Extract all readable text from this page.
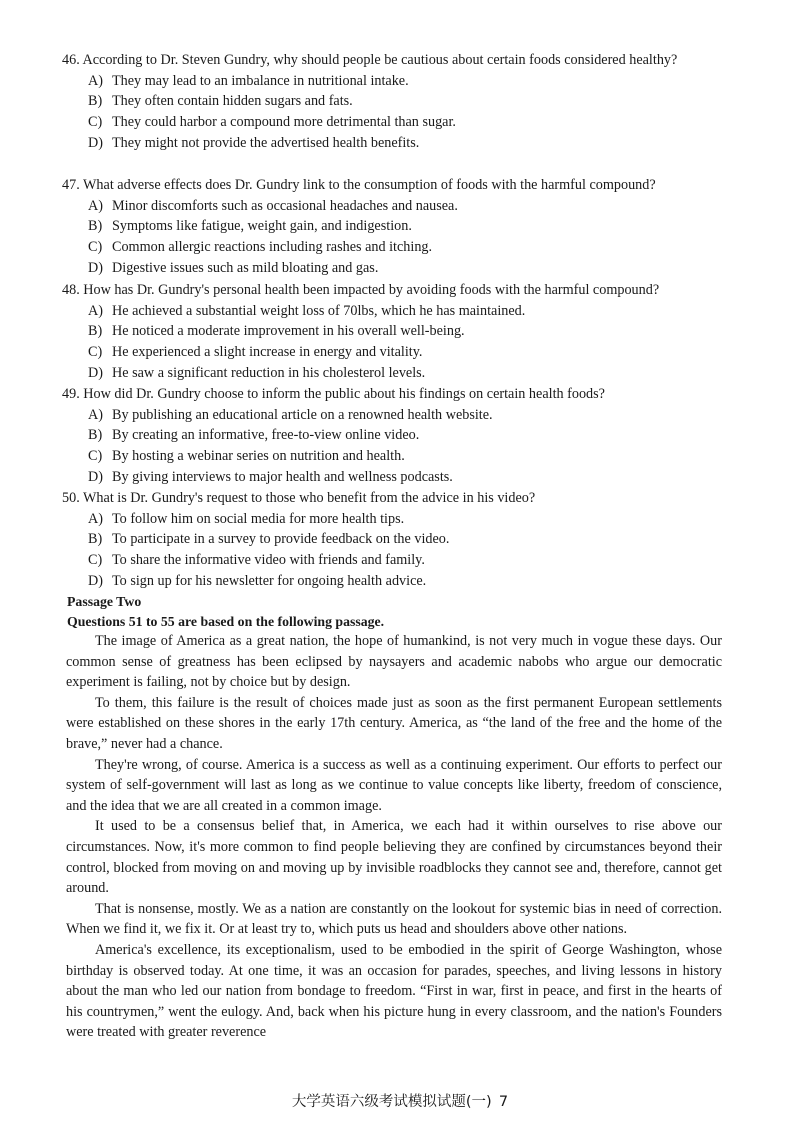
46. According to Dr. Steven Gundry, why should people be cautious about certain foods considered healthy?

A) They may lead to an imbalance in nutritional intake.

B) They often contain hidden sugars and fats.

C) They could harbor a compound more detrimental than sugar.

D) They might not provide the advertised health benefits.

47. What adverse effects does Dr. Gundry link to the consumption of foods with the harmful compound?

A) Minor discomforts such as occasional headaches and nausea.

B) Symptoms like fatigue, weight gain, and indigestion.

C) Common allergic reactions including rashes and itching.

D) Digestive issues such as mild bloating and gas.

48. How has Dr. Gundry's personal health been impacted by avoiding foods with the harmful compound?

A) He achieved a substantial weight loss of 70lbs, which he has maintained.

B) He noticed a moderate improvement in his overall well-being.

C) He experienced a slight increase in energy and vitality.

D) He saw a significant reduction in his cholesterol levels.

49. How did Dr. Gundry choose to inform the public about his findings on certain health foods?

A) By publishing an educational article on a renowned health website.

B) By creating an informative, free-to-view online video.

C) By hosting a webinar series on nutrition and health.

D) By giving interviews to major health and wellness podcasts.

50. What is Dr. Gundry's request to those who benefit from the advice in his video?

A) To follow him on social media for more health tips.

B) To participate in a survey to provide feedback on the video.

C) To share the informative video with friends and family.

D) To sign up for his newsletter for ongoing health advice.

Passage Two

Questions 51 to 55 are based on the following passage.

The image of America as a great nation, the hope of humankind, is not very much in vogue these days. Our common sense of greatness has been eclipsed by naysayers and academic nabobs who argue our democratic experiment is failing, not by choice but by design.

To them, this failure is the result of choices made just as soon as the first permanent European settlements were established on these shores in the early 17th century. America, as “the land of the free and the home of the brave,” never had a chance.

They're wrong, of course. America is a success as well as a continuing experiment. Our efforts to perfect our system of self-government will last as long as we continue to value concepts like liberty, freedom of conscience, and the idea that we are all created in a common image.

It used to be a consensus belief that, in America, we each had it within ourselves to rise above our circumstances. Now, it's more common to find people believing they are confined by circumstances beyond their control, blocked from moving on and moving up by invisible roadblocks they cannot see and, therefore, cannot get around.

That is nonsense, mostly. We as a nation are constantly on the lookout for systemic bias in need of correction. When we find it, we fix it. Or at least try to, which puts us head and shoulders above other nations.

America's excellence, its exceptionalism, used to be embodied in the spirit of George Washington, whose birthday is observed today. At one time, it was an occasion for parades, speeches, and living lessons in history about the man who led our nation from bondage to freedom. “First in war, first in peace, and first in the hearts of his countrymen,” went the eulogy. And, back when his picture hung in every classroom, and the nation's Founders were treated with greater reverence

大学英语六级考试模拟试题(一) 7
